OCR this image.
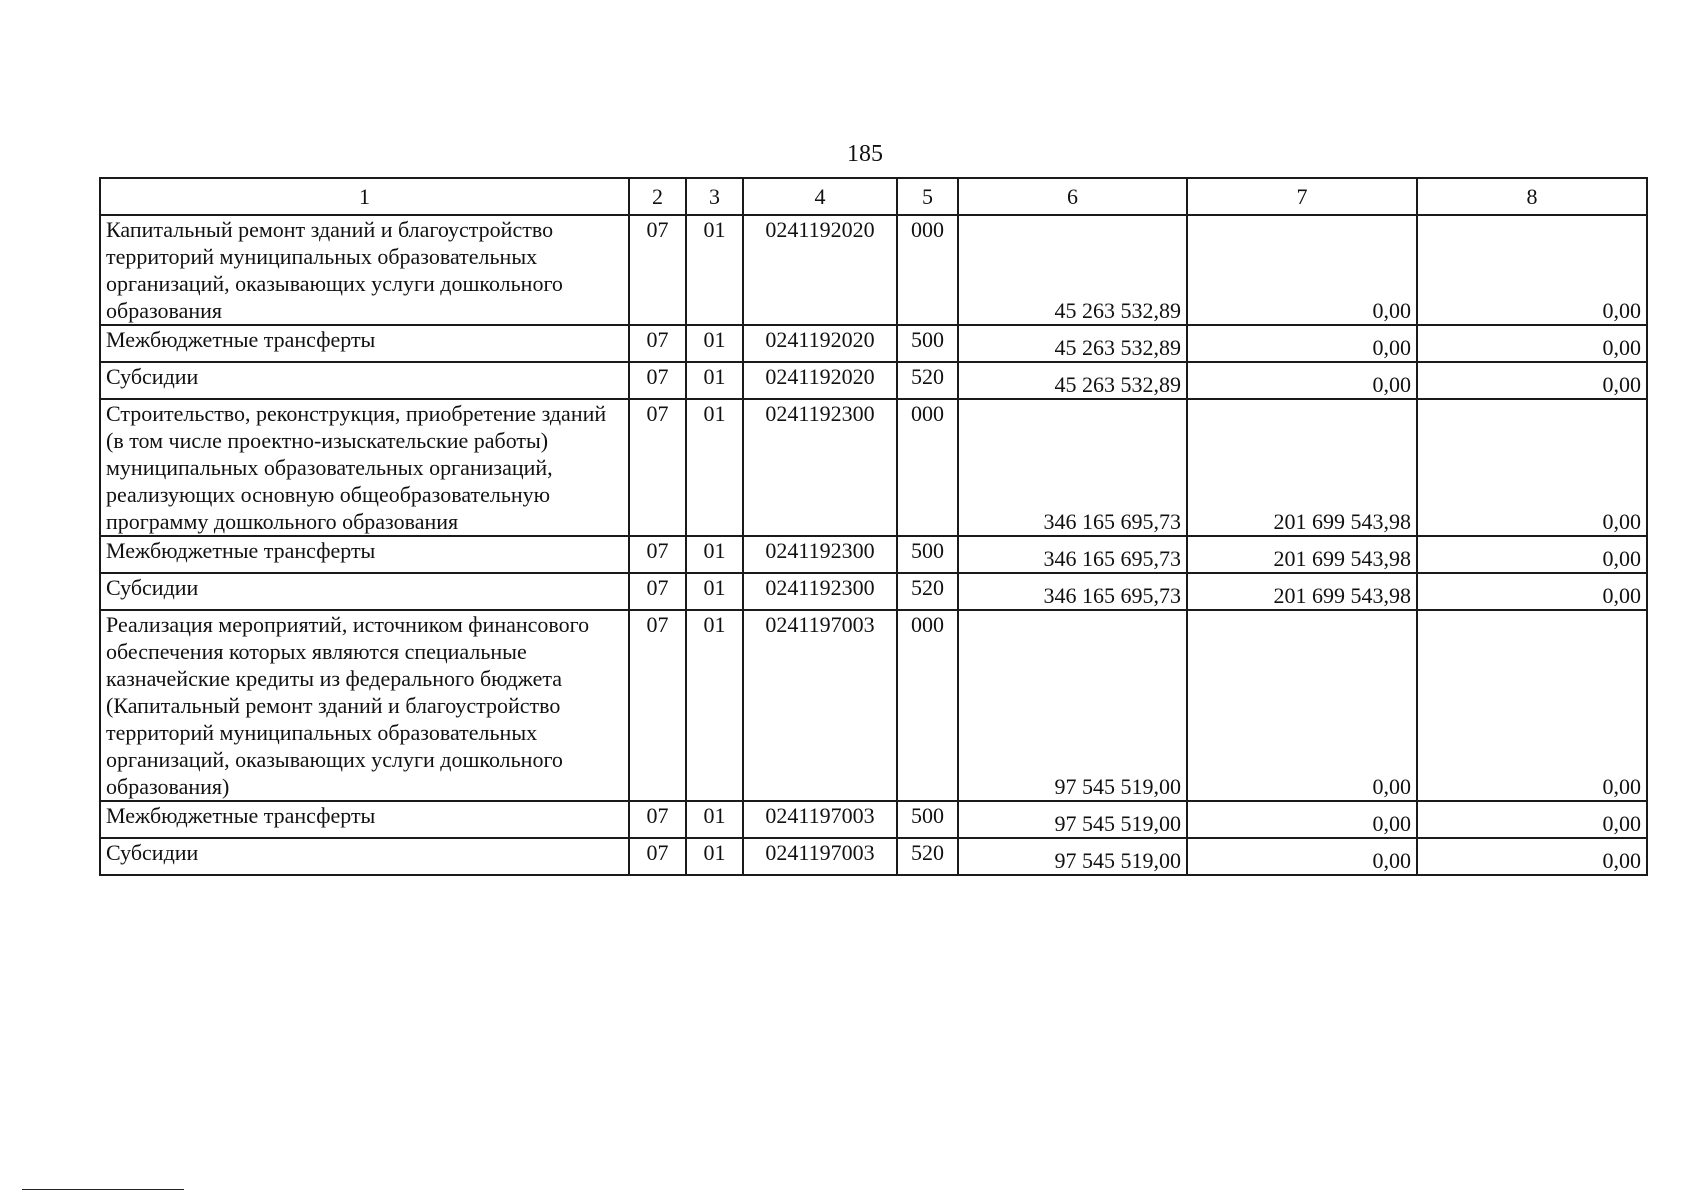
185
1	2	3	4	5	6	7	8
Капитальный ремонт зданий и благоустройство территорий муниципальных образовательных организаций, оказывающих услуги дошкольного образования	07	01	0241192020	000	45 263 532,89	0,00	0,00
Межбюджетные трансферты	07	01	0241192020	500	45 263 532,89	0,00	0,00
Субсидии	07	01	0241192020	520	45 263 532,89	0,00	0,00
Строительство, реконструкция, приобретение зданий (в том числе проектно-изыскательские работы) муниципальных образовательных организаций, реализующих основную общеобразовательную программу дошкольного образования	07	01	0241192300	000	346 165 695,73	201 699 543,98	0,00
Межбюджетные трансферты	07	01	0241192300	500	346 165 695,73	201 699 543,98	0,00
Субсидии	07	01	0241192300	520	346 165 695,73	201 699 543,98	0,00
Реализация мероприятий, источником финансового обеспечения которых являются специальные казначейские кредиты из федерального бюджета (Капитальный ремонт зданий и благоустройство территорий муниципальных образовательных организаций, оказывающих услуги дошкольного образования)	07	01	0241197003	000	97 545 519,00	0,00	0,00
Межбюджетные трансферты	07	01	0241197003	500	97 545 519,00	0,00	0,00
Субсидии	07	01	0241197003	520	97 545 519,00	0,00	0,00
